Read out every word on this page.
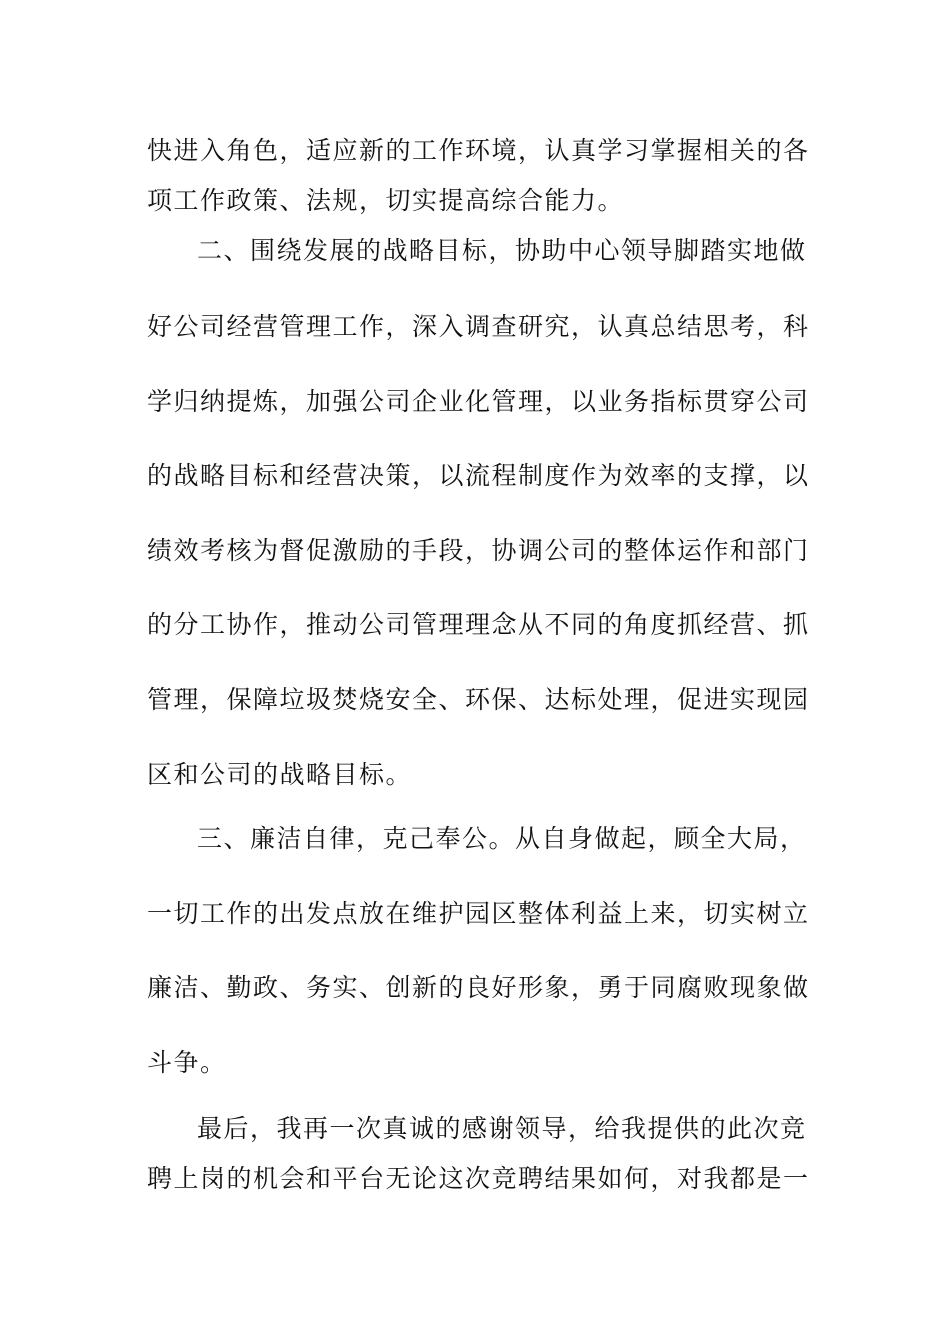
快进入角色，适应新的工作环境，认真学习掌握相关的各
项工作政策、法规，切实提高综合能力。
二、围绕发展的战略目标，协助中心领导脚踏实地做
好公司经营管理工作，深入调查研究，认真总结思考，科
学归纳提炼，加强公司企业化管理，以业务指标贯穿公司
的战略目标和经营决策，以流程制度作为效率的支撑，以
绩效考核为督促激励的手段，协调公司的整体运作和部门
的分工协作，推动公司管理理念从不同的角度抓经营、抓
管理，保障垃圾焚烧安全、环保、达标处理，促进实现园
区和公司的战略目标。
三、廉洁自律，克己奉公。从自身做起，顾全大局，
一切工作的出发点放在维护园区整体利益上来，切实树立
廉洁、勤政、务实、创新的良好形象，勇于同腐败现象做
斗争。
最后，我再一次真诚的感谢领导，给我提供的此次竞
聘上岗的机会和平台无论这次竞聘结果如何，对我都是一
